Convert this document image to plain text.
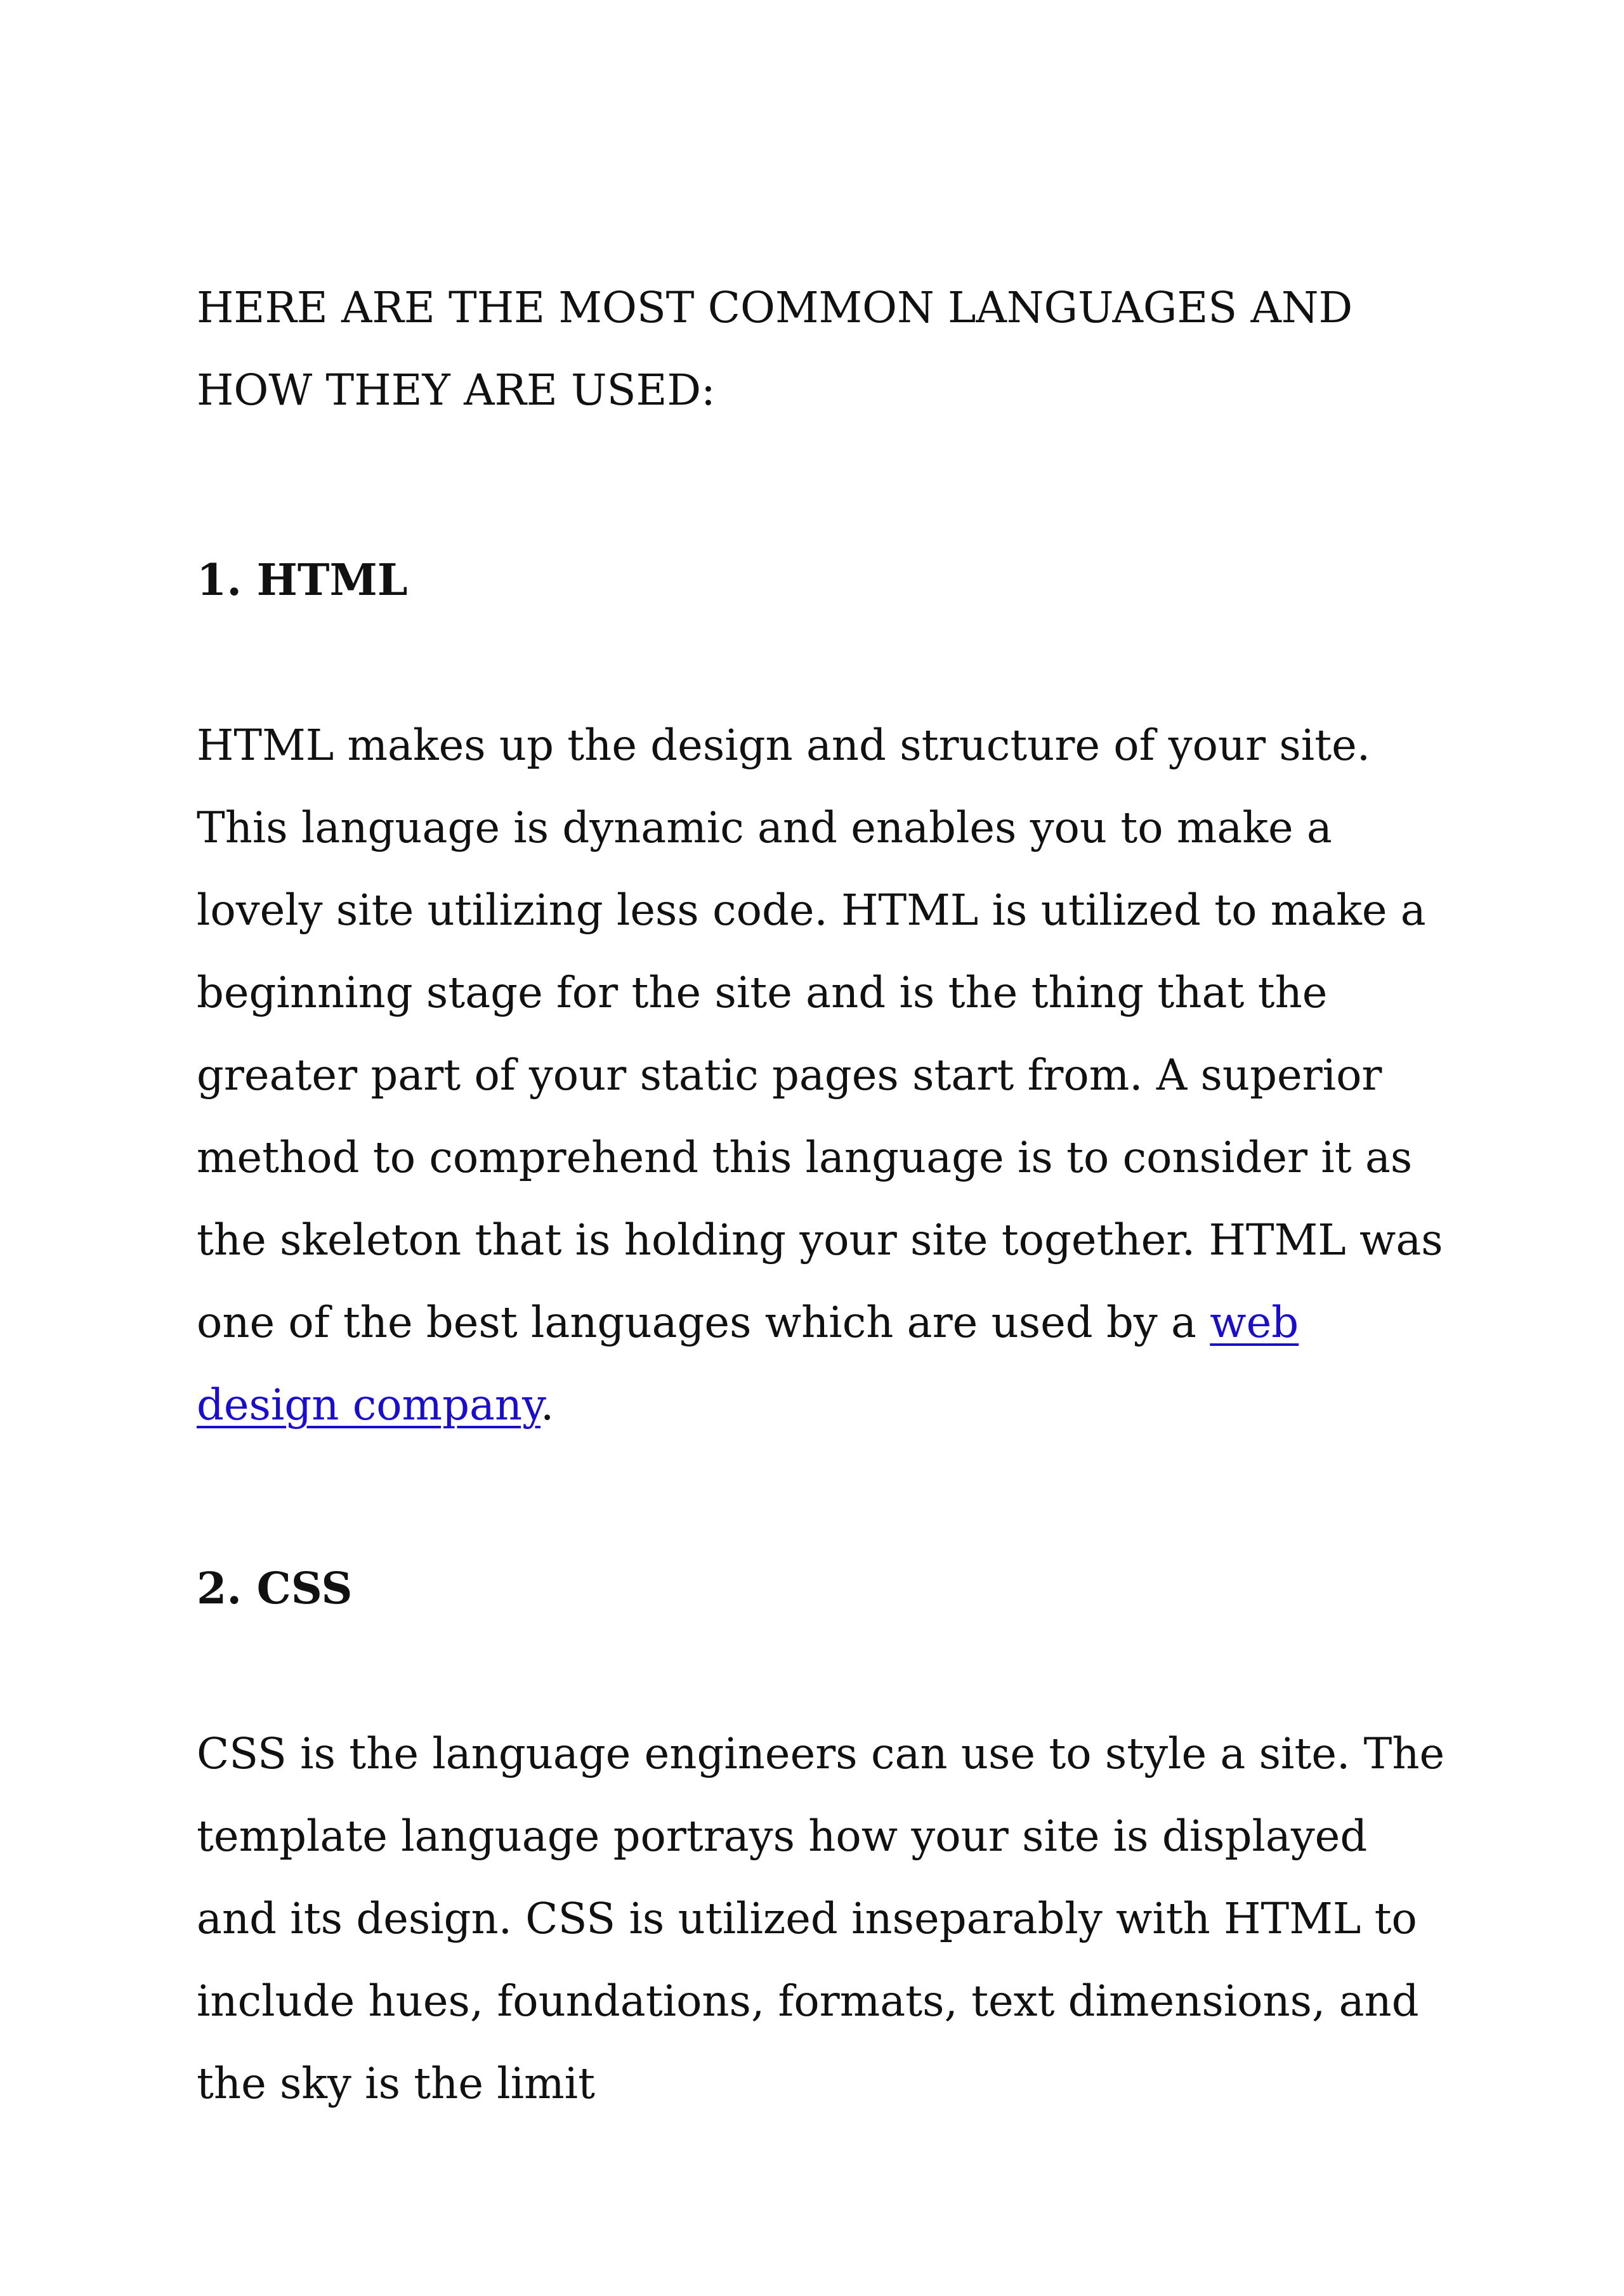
HERE ARE THE MOST COMMON LANGUAGES AND HOW THEY ARE USED:

1. HTML

HTML makes up the design and structure of your site. This language is dynamic and enables you to make a lovely site utilizing less code. HTML is utilized to make a beginning stage for the site and is the thing that the greater part of your static pages start from. A superior method to comprehend this language is to consider it as the skeleton that is holding your site together. HTML was one of the best languages which are used by a web design company.

2. CSS

CSS is the language engineers can use to style a site. The template language portrays how your site is displayed and its design. CSS is utilized inseparably with HTML to include hues, foundations, formats, text dimensions, and the sky is the limit
